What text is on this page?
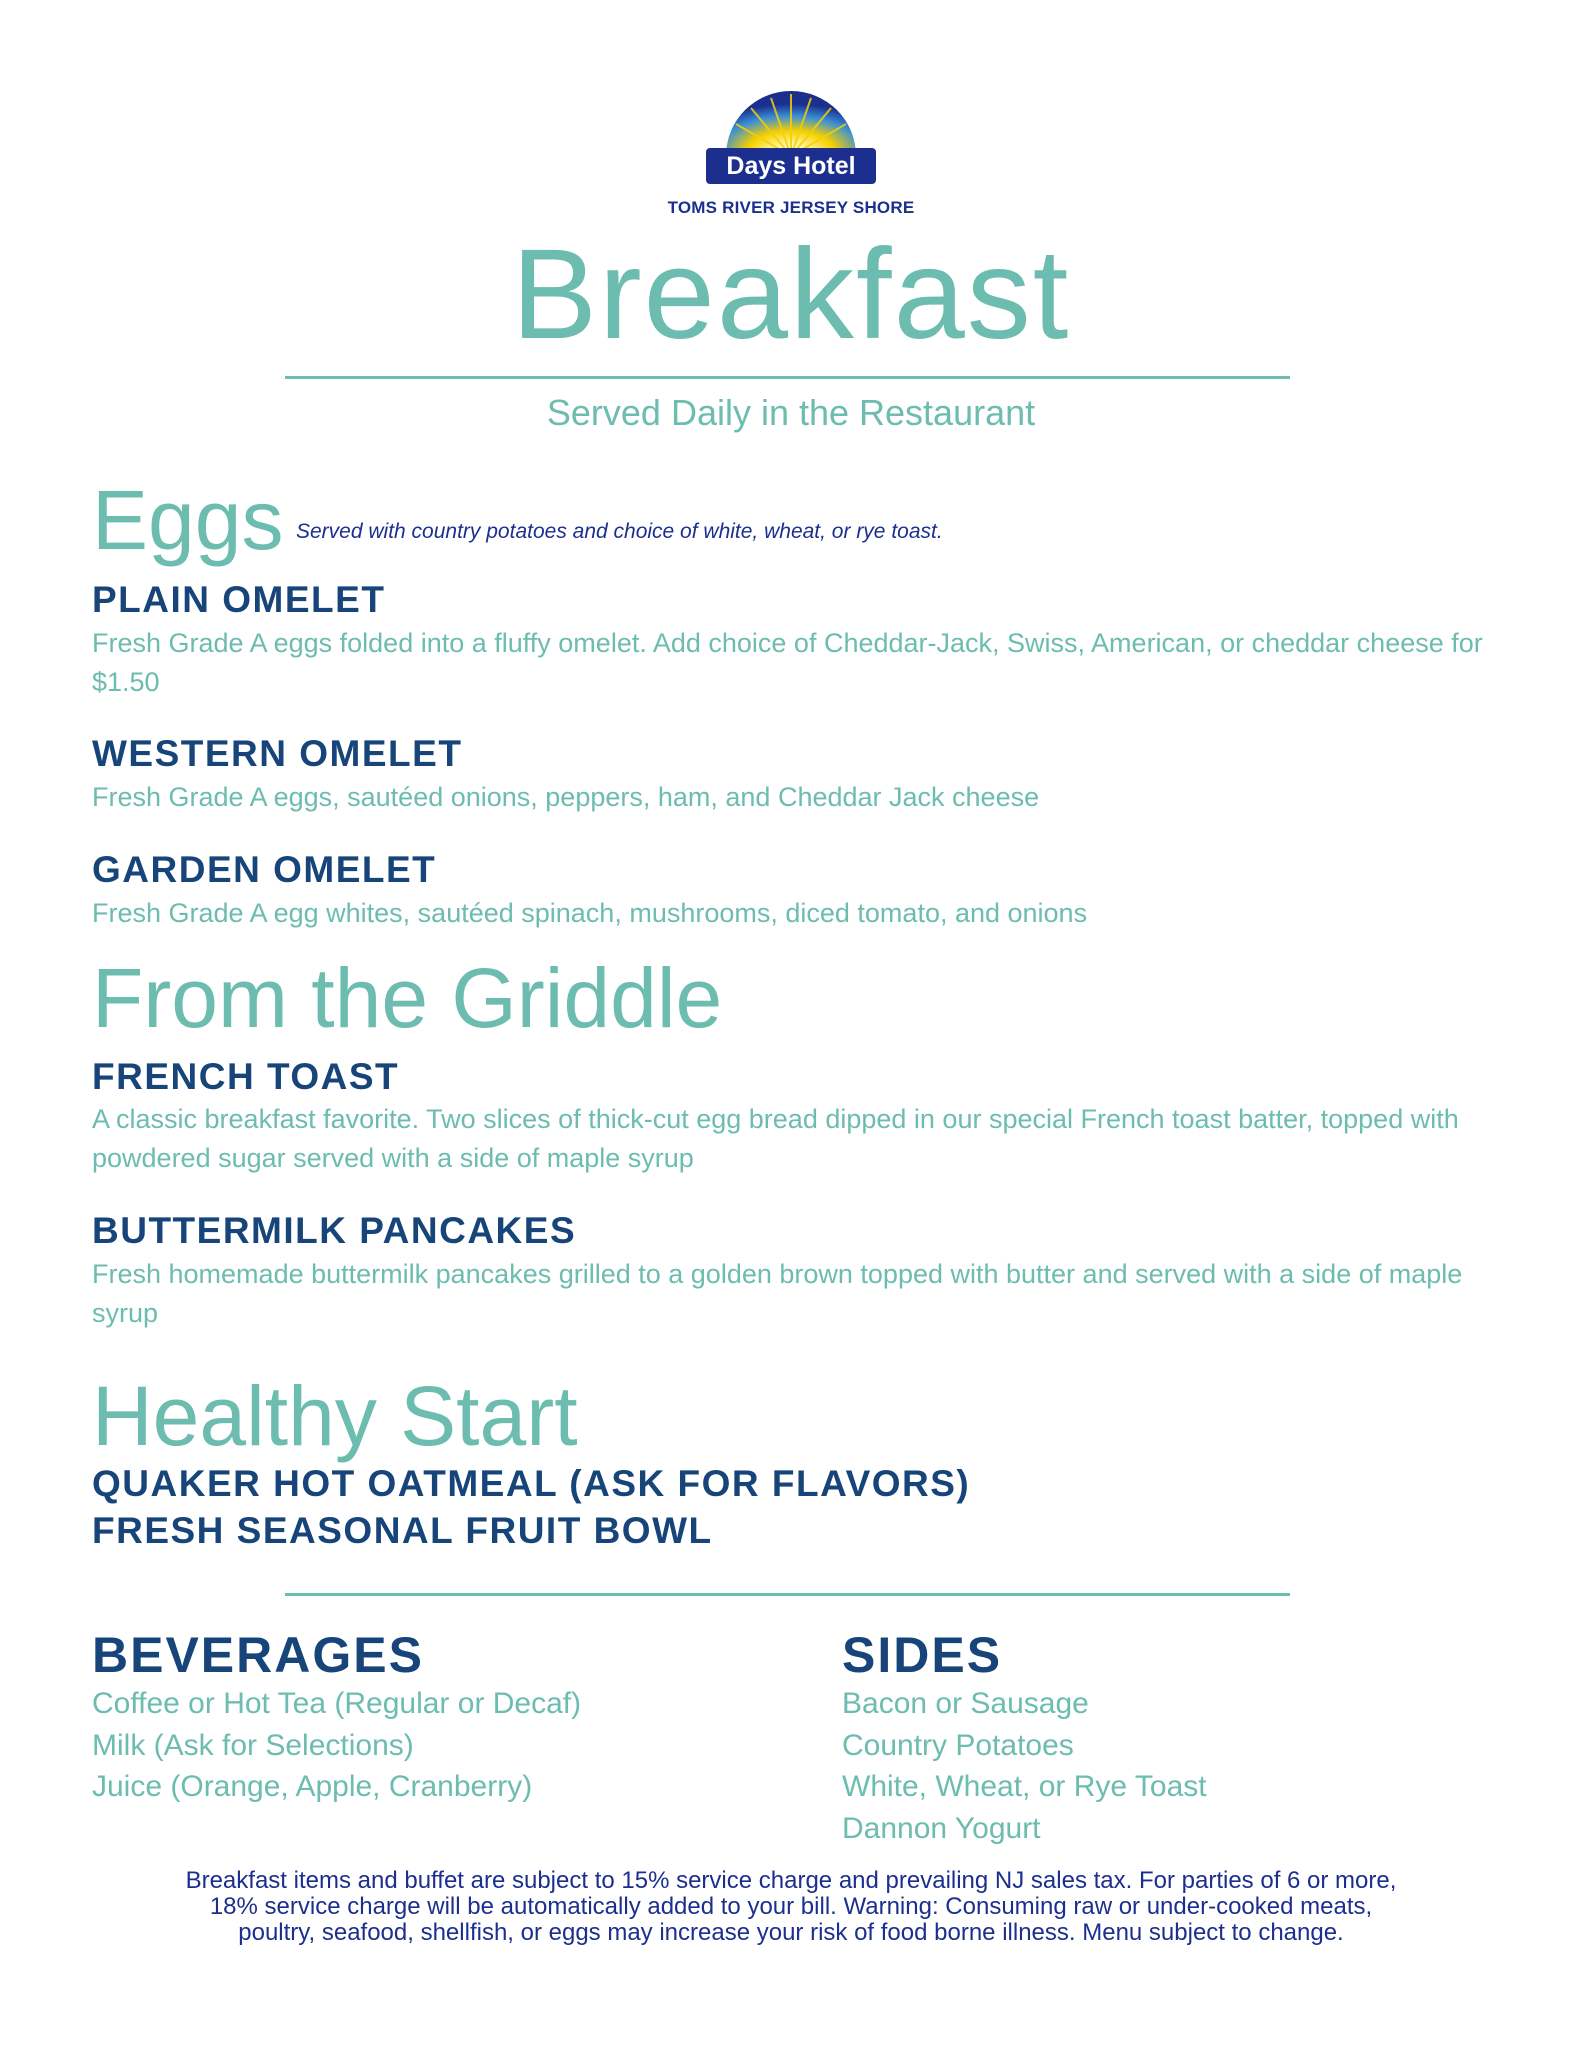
Days Hotel
TOMS RIVER JERSEY SHORE
Breakfast
Served Daily in the Restaurant
Eggs Served with country potatoes and choice of white, wheat, or rye toast.
PLAIN OMELET
Fresh Grade A eggs folded into a fluffy omelet. Add choice of Cheddar-Jack, Swiss, American, or cheddar cheese for $1.50
WESTERN OMELET
Fresh Grade A eggs, sautéed onions, peppers, ham, and Cheddar Jack cheese
GARDEN OMELET
Fresh Grade A egg whites, sautéed spinach, mushrooms, diced tomato, and onions
From the Griddle
FRENCH TOAST
A classic breakfast favorite. Two slices of thick-cut egg bread dipped in our special French toast batter, topped with powdered sugar served with a side of maple syrup
BUTTERMILK PANCAKES
Fresh homemade buttermilk pancakes grilled to a golden brown topped with butter and served with a side of maple syrup
Healthy Start
QUAKER HOT OATMEAL (ASK FOR FLAVORS)
FRESH SEASONAL FRUIT BOWL
BEVERAGES
Coffee or Hot Tea (Regular or Decaf)
Milk (Ask for Selections)
Juice (Orange, Apple, Cranberry)
SIDES
Bacon or Sausage
Country Potatoes
White, Wheat, or Rye Toast
Dannon Yogurt
Breakfast items and buffet are subject to 15% service charge and prevailing NJ sales tax. For parties of 6 or more,
18% service charge will be automatically added to your bill. Warning: Consuming raw or under-cooked meats,
poultry, seafood, shellfish, or eggs may increase your risk of food borne illness. Menu subject to change.
